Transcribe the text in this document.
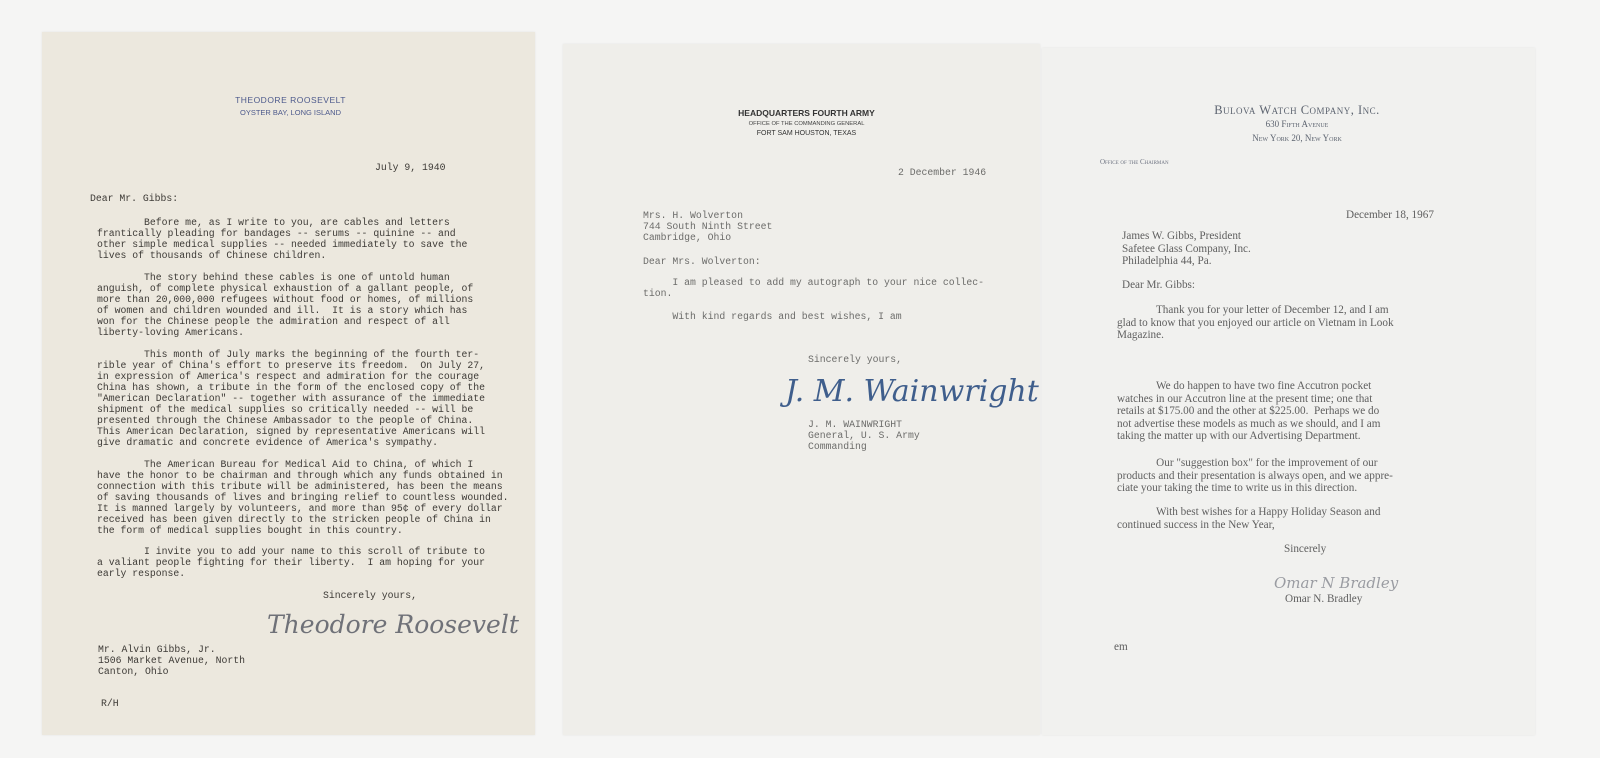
THEODORE ROOSEVELT
OYSTER BAY, LONG ISLAND
July 9, 1940
Dear Mr. Gibbs:
Before me, as I write to you, are cables and letters
frantically pleading for bandages -- serums -- quinine -- and
other simple medical supplies -- needed immediately to save the
lives of thousands of Chinese children.
The story behind these cables is one of untold human
anguish, of complete physical exhaustion of a gallant people, of
more than 20,000,000 refugees without food or homes, of millions
of women and children wounded and ill.  It is a story which has
won for the Chinese people the admiration and respect of all
liberty-loving Americans.
This month of July marks the beginning of the fourth ter-
rible year of China's effort to preserve its freedom.  On July 27,
in expression of America's respect and admiration for the courage
China has shown, a tribute in the form of the enclosed copy of the
"American Declaration" -- together with assurance of the immediate
shipment of the medical supplies so critically needed -- will be
presented through the Chinese Ambassador to the people of China.
This American Declaration, signed by representative Americans will
give dramatic and concrete evidence of America's sympathy.
The American Bureau for Medical Aid to China, of which I
have the honor to be chairman and through which any funds obtained in
connection with this tribute will be administered, has been the means
of saving thousands of lives and bringing relief to countless wounded.
It is manned largely by volunteers, and more than 95¢ of every dollar
received has been given directly to the stricken people of China in
the form of medical supplies bought in this country.
I invite you to add your name to this scroll of tribute to
a valiant people fighting for their liberty.  I am hoping for your
early response.
Sincerely yours,
Theodore Roosevelt
Mr. Alvin Gibbs, Jr.
1506 Market Avenue, North
Canton, Ohio
R/H
HEADQUARTERS FOURTH ARMY
OFFICE OF THE COMMANDING GENERAL
FORT SAM HOUSTON, TEXAS
2 December 1946
Mrs. H. Wolverton
744 South Ninth Street
Cambridge, Ohio
Dear Mrs. Wolverton:
I am pleased to add my autograph to your nice collec-
tion.
With kind regards and best wishes, I am
Sincerely yours,
J. M. Wainwright
J. M. WAINWRIGHT
General, U. S. Army
Commanding
Bulova Watch Company, Inc.
630 Fifth Avenue
New York 20, New York
Office of the Chairman
December 18, 1967
James W. Gibbs, President
Safetee Glass Company, Inc.
Philadelphia 44, Pa.
Dear Mr. Gibbs:
Thank you for your letter of December 12, and I am
glad to know that you enjoyed our article on Vietnam in Look
Magazine.
We do happen to have two fine Accutron pocket
watches in our Accutron line at the present time; one that
retails at $175.00 and the other at $225.00.  Perhaps we do
not advertise these models as much as we should, and I am
taking the matter up with our Advertising Department.
Our "suggestion box" for the improvement of our
products and their presentation is always open, and we appre-
ciate your taking the time to write us in this direction.
With best wishes for a Happy Holiday Season and
continued success in the New Year,
Sincerely
Omar N Bradley
Omar N. Bradley
em
